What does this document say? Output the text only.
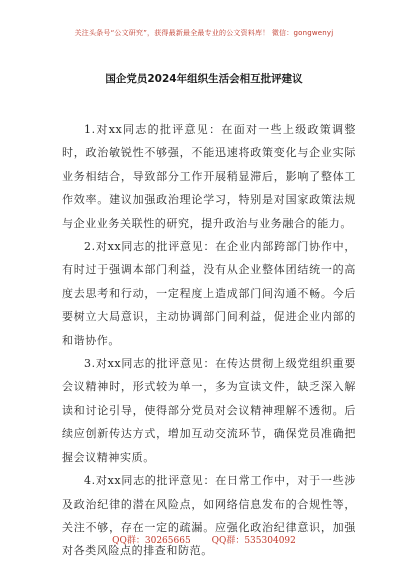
关注头条号“公文研究”，获得最新最全最专业的公文资料库！ 微信：gongwenyj
国企党员2024年组织生活会相互批评建议

1.对xx同志的批评意见：在面对一些上级政策调整时，政治敏锐性不够强，不能迅速将政策变化与企业实际业务相结合，导致部分工作开展稍显滞后，影响了整体工作效率。建议加强政治理论学习，特别是对国家政策法规与企业业务关联性的研究，提升政治与业务融合的能力。

2.对xx同志的批评意见：在企业内部跨部门协作中，有时过于强调本部门利益，没有从企业整体团结统一的高度去思考和行动，一定程度上造成部门间沟通不畅。今后要树立大局意识，主动协调部门间利益，促进企业内部的和谐协作。

3.对xx同志的批评意见：在传达贯彻上级党组织重要会议精神时，形式较为单一，多为宣读文件，缺乏深入解读和讨论引导，使得部分党员对会议精神理解不透彻。后续应创新传达方式，增加互动交流环节，确保党员准确把握会议精神实质。

4.对xx同志的批评意见：在日常工作中，对于一些涉及政治纪律的潜在风险点，如网络信息发布的合规性等，关注不够，存在一定的疏漏。应强化政治纪律意识，加强对各类风险点的排查和防范。

QQ群：30265665 QQ群：535304092
